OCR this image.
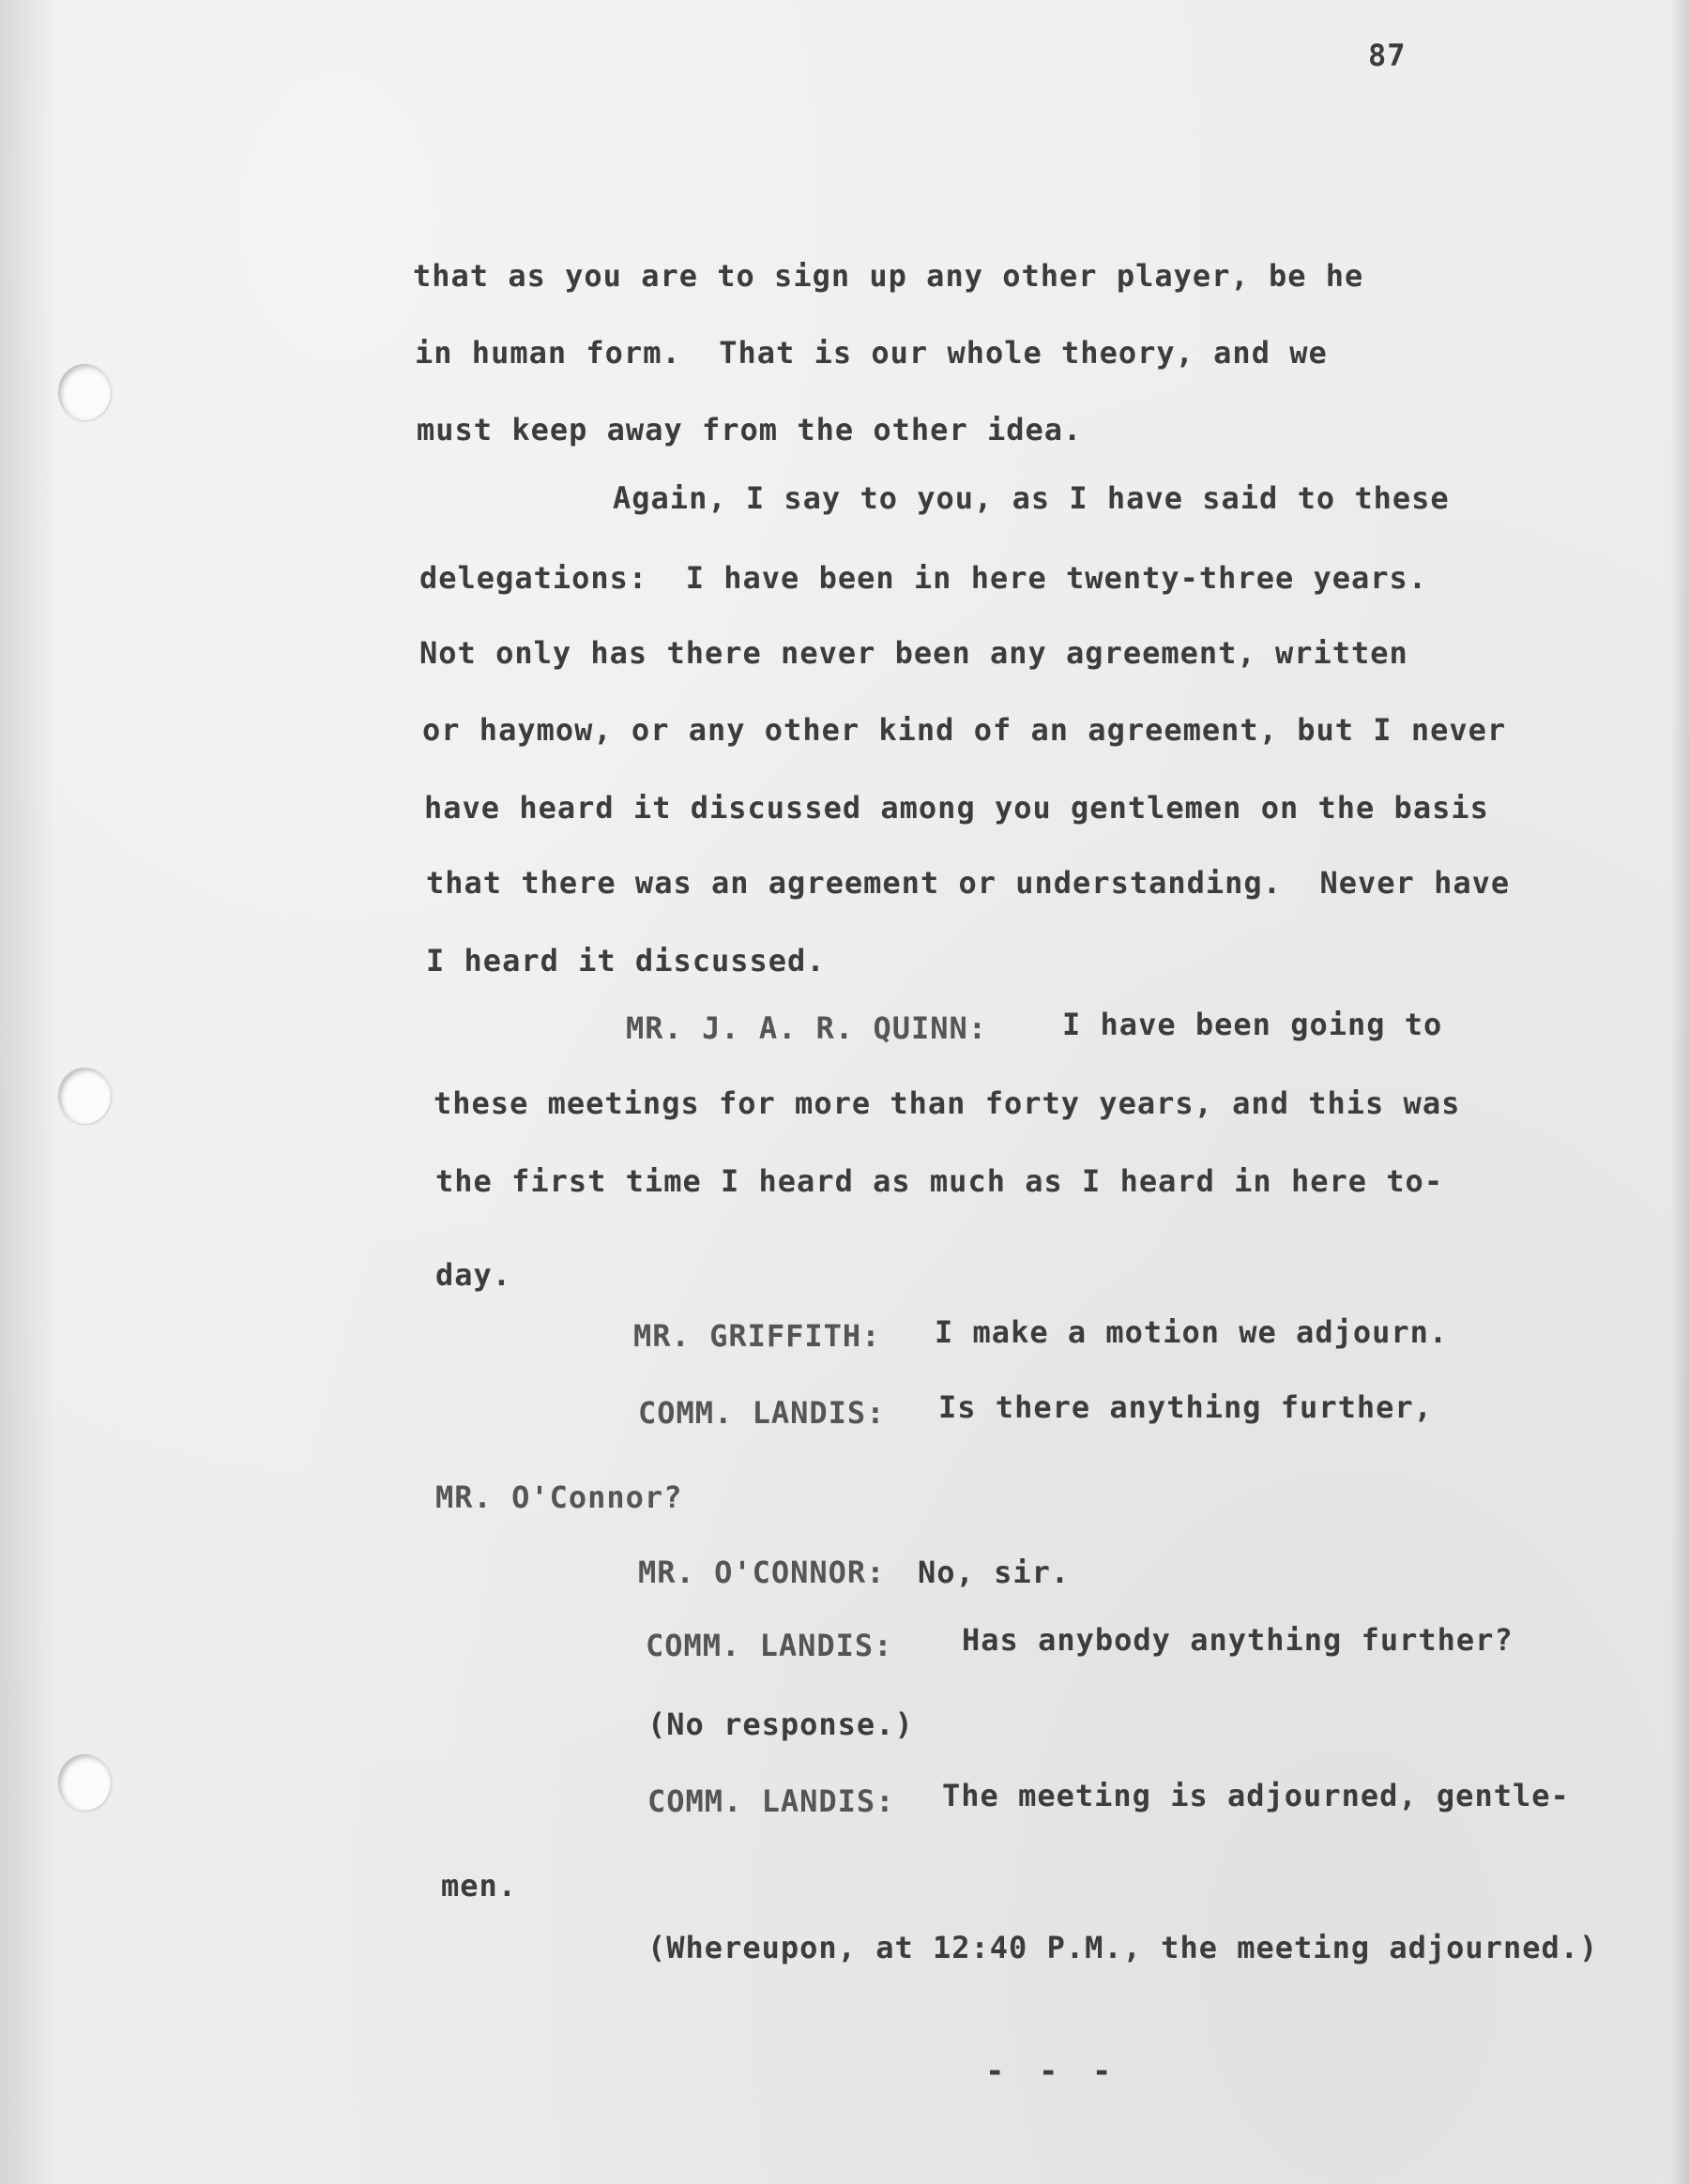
87
that as you are to sign up any other player, be he
in human form.  That is our whole theory, and we
must keep away from the other idea.
Again, I say to you, as I have said to these
delegations:  I have been in here twenty-three years.
Not only has there never been any agreement, written
or haymow, or any other kind of an agreement, but I never
have heard it discussed among you gentlemen on the basis
that there was an agreement or understanding.  Never have
I heard it discussed.
MR. J. A. R. QUINN: I have been going to
these meetings for more than forty years, and this was
the first time I heard as much as I heard in here to-
day.
MR. GRIFFITH: I make a motion we adjourn.
COMM. LANDIS: Is there anything further,
MR. O'Connor?
MR. O'CONNOR: No, sir.
COMM. LANDIS: Has anybody anything further?
(No response.)
COMM. LANDIS: The meeting is adjourned, gentle-
men.
(Whereupon, at 12:40 P.M., the meeting adjourned.)
- - -
